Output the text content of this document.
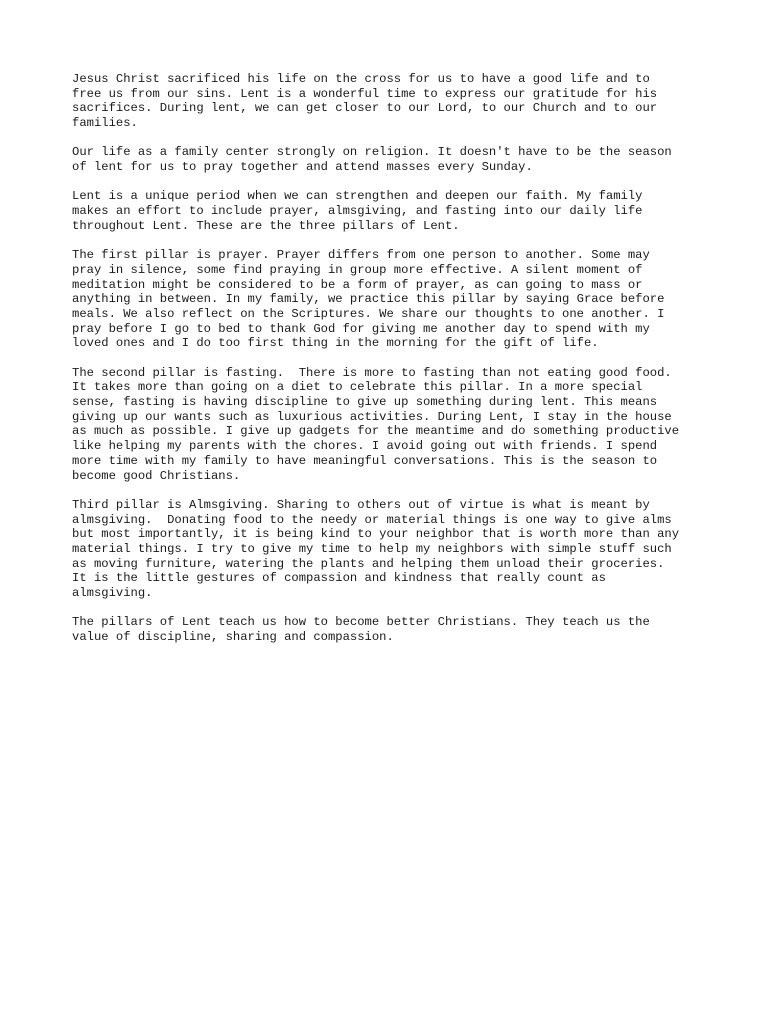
Jesus Christ sacrificed his life on the cross for us to have a good life and to
free us from our sins. Lent is a wonderful time to express our gratitude for his
sacrifices. During lent, we can get closer to our Lord, to our Church and to our
families.

Our life as a family center strongly on religion. It doesn't have to be the season
of lent for us to pray together and attend masses every Sunday.

Lent is a unique period when we can strengthen and deepen our faith. My family
makes an effort to include prayer, almsgiving, and fasting into our daily life
throughout Lent. These are the three pillars of Lent.

The first pillar is prayer. Prayer differs from one person to another. Some may
pray in silence, some find praying in group more effective. A silent moment of
meditation might be considered to be a form of prayer, as can going to mass or
anything in between. In my family, we practice this pillar by saying Grace before
meals. We also reflect on the Scriptures. We share our thoughts to one another. I
pray before I go to bed to thank God for giving me another day to spend with my
loved ones and I do too first thing in the morning for the gift of life.

The second pillar is fasting.  There is more to fasting than not eating good food.
It takes more than going on a diet to celebrate this pillar. In a more special
sense, fasting is having discipline to give up something during lent. This means
giving up our wants such as luxurious activities. During Lent, I stay in the house
as much as possible. I give up gadgets for the meantime and do something productive
like helping my parents with the chores. I avoid going out with friends. I spend
more time with my family to have meaningful conversations. This is the season to
become good Christians.

Third pillar is Almsgiving. Sharing to others out of virtue is what is meant by
almsgiving.  Donating food to the needy or material things is one way to give alms
but most importantly, it is being kind to your neighbor that is worth more than any
material things. I try to give my time to help my neighbors with simple stuff such
as moving furniture, watering the plants and helping them unload their groceries.
It is the little gestures of compassion and kindness that really count as
almsgiving.

The pillars of Lent teach us how to become better Christians. They teach us the
value of discipline, sharing and compassion.
